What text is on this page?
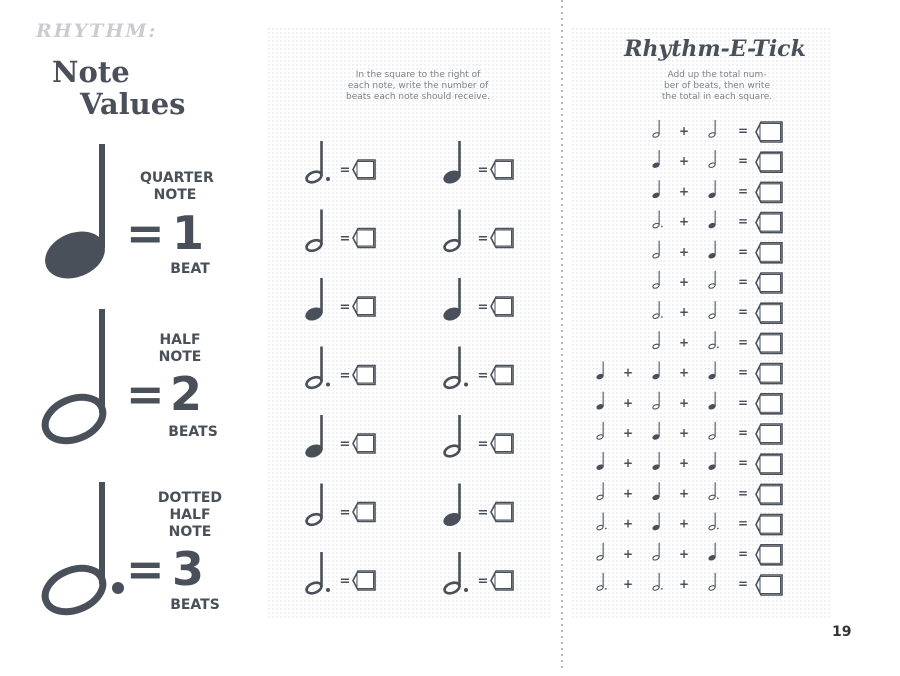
RHYTHM:
Note
Values
QUARTER
NOTE
= 1
BEAT
HALF
NOTE
= 2
BEATS
DOTTED
HALF
NOTE
= 3
BEATS
In the square to the right of
each note, write the number of
beats each note should receive.
=	=
=	=
=	=
=	=
=	=
=	=
=	=
Rhythm-E-Tick
Add up the total num-
ber of beats, then write
the total in each square.
+	=
+	=
+	=
+	=
+	=
+	=
+	=
+	=
+	+	=
+	+	=
+	+	=
+	+	=
+	+	=
+	+	=
+	+	=
+	+	=
19
